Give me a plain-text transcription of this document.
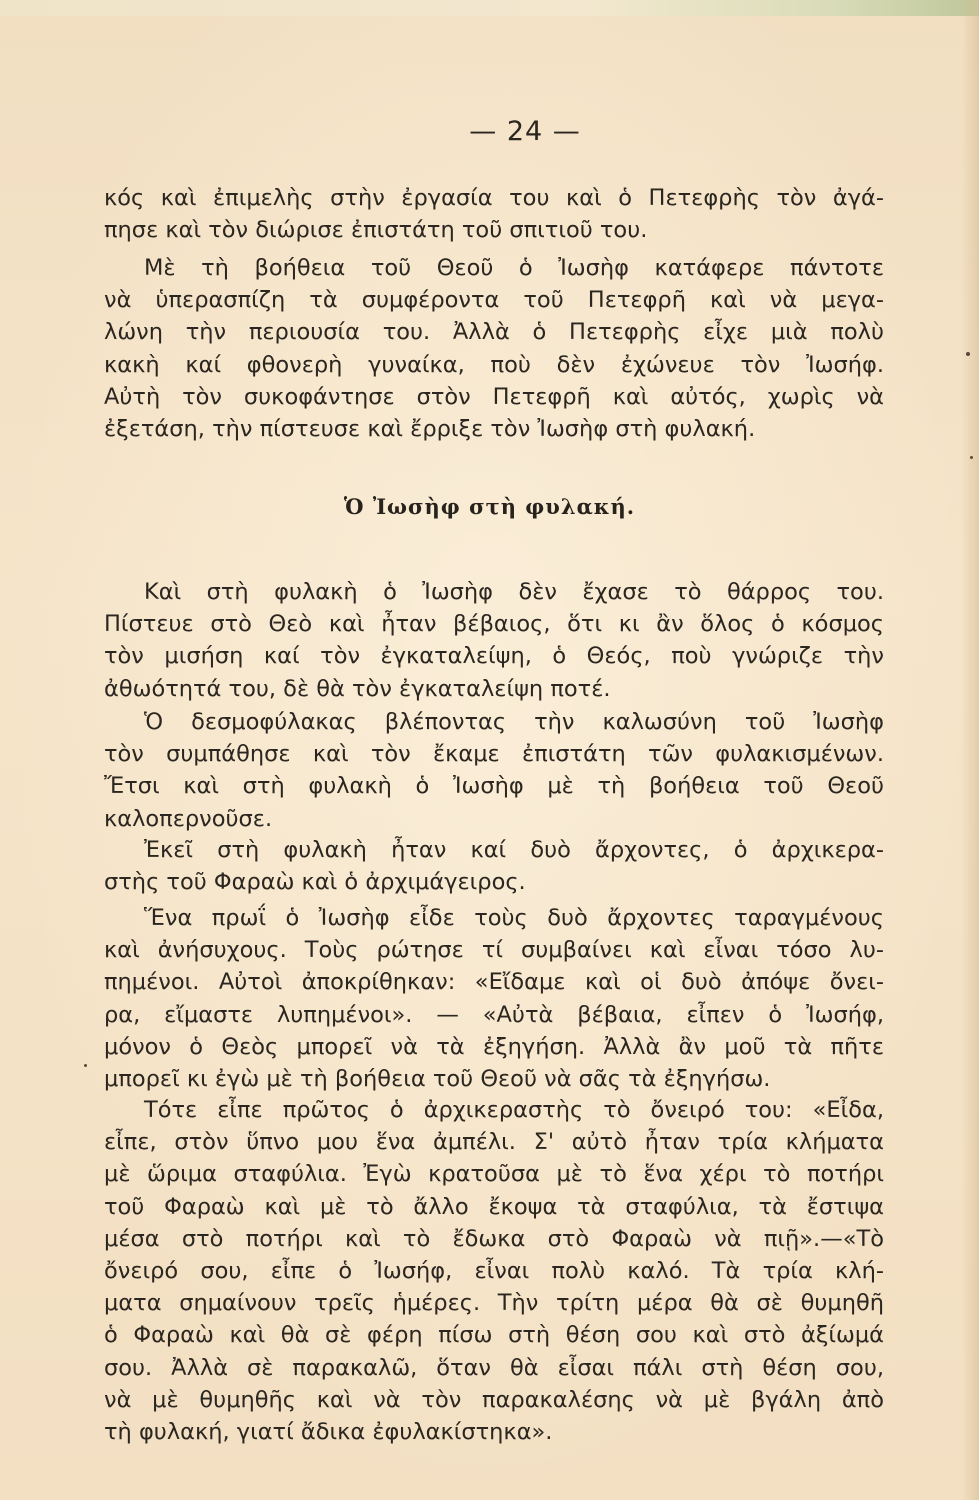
— 24 —
κός καὶ ἐπιμελὴς στὴν ἐργασία του καὶ ὁ Πετεφρὴς τὸν ἀγά-
πησε καὶ τὸν διώρισε ἐπιστάτη τοῦ σπιτιοῦ του.
Μὲ τὴ βοήθεια τοῦ Θεοῦ ὁ Ἰωσὴφ κατάφερε πάντοτε
νὰ ὑπερασπίζη τὰ συμφέροντα τοῦ Πετεφρῆ καὶ νὰ μεγα-
λώνη τὴν περιουσία του. Ἀλλὰ ὁ Πετεφρὴς εἶχε μιὰ πολὺ
κακὴ καί φθονερὴ γυναίκα, ποὺ δὲν ἐχώνευε τὸν Ἰωσήφ.
Αὐτὴ τὸν συκοφάντησε στὸν Πετεφρῆ καὶ αὐτός, χωρὶς νὰ
ἐξετάση, τὴν πίστευσε καὶ ἔρριξε τὸν Ἰωσὴφ στὴ φυλακή.
Ὁ Ἰωσὴφ στὴ φυλακή.
Καὶ στὴ φυλακὴ ὁ Ἰωσὴφ δὲν ἔχασε τὸ θάρρος του.
Πίστευε στὸ Θεὸ καὶ ἦταν βέβαιος, ὅτι κι ἂν ὅλος ὁ κόσμος
τὸν μισήση καί τὸν ἐγκαταλείψη, ὁ Θεός, ποὺ γνώριζε τὴν
ἀθωότητά του, δὲ θὰ τὸν ἐγκαταλείψη ποτέ.
Ὁ δεσμοφύλακας βλέποντας τὴν καλωσύνη τοῦ Ἰωσὴφ
τὸν συμπάθησε καὶ τὸν ἔκαμε ἐπιστάτη τῶν φυλακισμένων.
Ἔτσι καὶ στὴ φυλακὴ ὁ Ἰωσὴφ μὲ τὴ βοήθεια τοῦ Θεοῦ
καλοπερνοῦσε.
Ἐκεῖ στὴ φυλακὴ ἦταν καί δυὸ ἄρχοντες, ὁ ἀρχικερα-
στὴς τοῦ Φαραὼ καὶ ὁ ἀρχιμάγειρος.
Ἕνα πρωΐ ὁ Ἰωσὴφ εἶδε τοὺς δυὸ ἄρχοντες ταραγμένους
καὶ ἀνήσυχους. Τοὺς ρώτησε τί συμβαίνει καὶ εἶναι τόσο λυ-
πημένοι. Αὐτοὶ ἀποκρίθηκαν: «Εἴδαμε καὶ οἱ δυὸ ἀπόψε ὄνει-
ρα, εἴμαστε λυπημένοι». — «Αὐτὰ βέβαια, εἶπεν ὁ Ἰωσήφ,
μόνον ὁ Θεὸς μπορεῖ νὰ τὰ ἐξηγήση. Ἀλλὰ ἂν μοῦ τὰ πῆτε
μπορεῖ κι ἐγὼ μὲ τὴ βοήθεια τοῦ Θεοῦ νὰ σᾶς τὰ ἐξηγήσω.
Τότε εἶπε πρῶτος ὁ ἀρχικεραστὴς τὸ ὄνειρό του: «Εἶδα,
εἶπε, στὸν ὕπνο μου ἕνα ἀμπέλι. Σ' αὐτὸ ἦταν τρία κλήματα
μὲ ὥριμα σταφύλια. Ἐγὼ κρατοῦσα μὲ τὸ ἕνα χέρι τὸ ποτήρι
τοῦ Φαραὼ καὶ μὲ τὸ ἄλλο ἔκοψα τὰ σταφύλια, τὰ ἔστιψα
μέσα στὸ ποτήρι καὶ τὸ ἔδωκα στὸ Φαραὼ νὰ πιῇ».—«Τὸ
ὄνειρό σου, εἶπε ὁ Ἰωσήφ, εἶναι πολὺ καλό. Τὰ τρία κλή-
ματα σημαίνουν τρεῖς ἡμέρες. Τὴν τρίτη μέρα θὰ σὲ θυμηθῆ
ὁ Φαραὼ καὶ θὰ σὲ φέρη πίσω στὴ θέση σου καὶ στὸ ἀξίωμά
σου. Ἀλλὰ σὲ παρακαλῶ, ὅταν θὰ εἶσαι πάλι στὴ θέση σου,
νὰ μὲ θυμηθῆς καὶ νὰ τὸν παρακαλέσης νὰ μὲ βγάλη ἀπὸ
τὴ φυλακή, γιατί ἄδικα ἐφυλακίστηκα».
